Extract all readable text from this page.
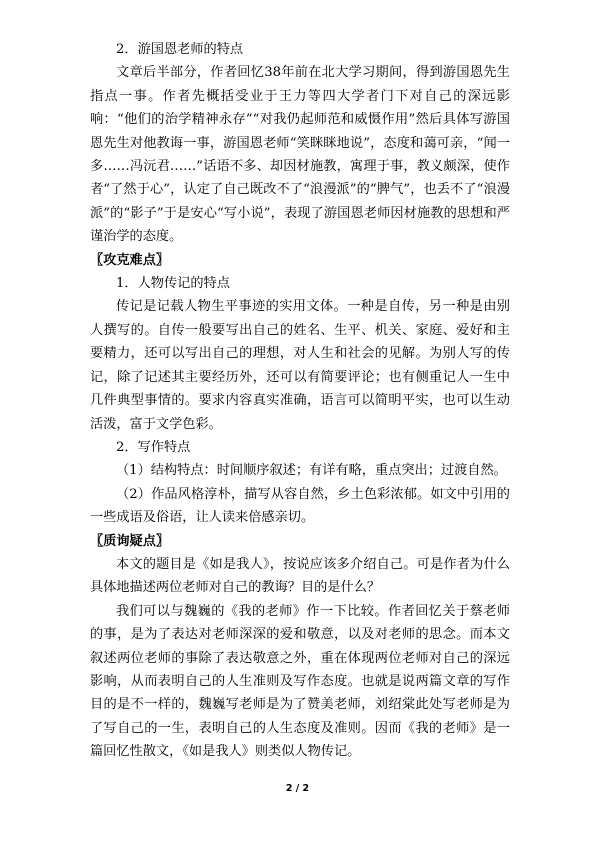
2．游国恩老师的特点

文章后半部分，作者回忆38年前在北大学习期间，得到游国恩先生指点一事。作者先概括受业于王力等四大学者门下对自己的深远影响：“他们的治学精神永存”“对我仍起师范和威慑作用”然后具体写游国恩先生对他教诲一事，游国恩老师“笑眯眯地说”，态度和蔼可亲，“闻一多……冯沅君……”话语不多、却因材施教，寓理于事，教义颇深，使作者“了然于心”，认定了自己既改不了“浪漫派”的“脾气”，也丢不了“浪漫派”的“影子”于是安心“写小说”，表现了游国恩老师因材施教的思想和严谨治学的态度。

〖攻克难点〗

1．人物传记的特点

传记是记载人物生平事迹的实用文体。一种是自传，另一种是由别人撰写的。自传一般要写出自己的姓名、生平、机关、家庭、爱好和主要精力，还可以写出自己的理想，对人生和社会的见解。为别人写的传记，除了记述其主要经历外，还可以有简要评论；也有侧重记人一生中几件典型事情的。要求内容真实准确，语言可以简明平实，也可以生动活泼，富于文学色彩。

2．写作特点

（1）结构特点：时间顺序叙述；有详有略，重点突出；过渡自然。

（2）作品风格淳朴，描写从容自然，乡土色彩浓郁。如文中引用的一些成语及俗语，让人读来倍感亲切。

〖质询疑点〗

本文的题目是《如是我人》，按说应该多介绍自己。可是作者为什么具体地描述两位老师对自己的教诲？目的是什么？

我们可以与魏巍的《我的老师》作一下比较。作者回忆关于蔡老师的事，是为了表达对老师深深的爱和敬意，以及对老师的思念。而本文叙述两位老师的事除了表达敬意之外，重在体现两位老师对自己的深远影响，从而表明自己的人生准则及写作态度。也就是说两篇文章的写作目的是不一样的，魏巍写老师是为了赞美老师，刘绍棠此处写老师是为了写自己的一生，表明自己的人生态度及准则。因而《我的老师》是一篇回忆性散文，《如是我人》则类似人物传记。

2 / 2
